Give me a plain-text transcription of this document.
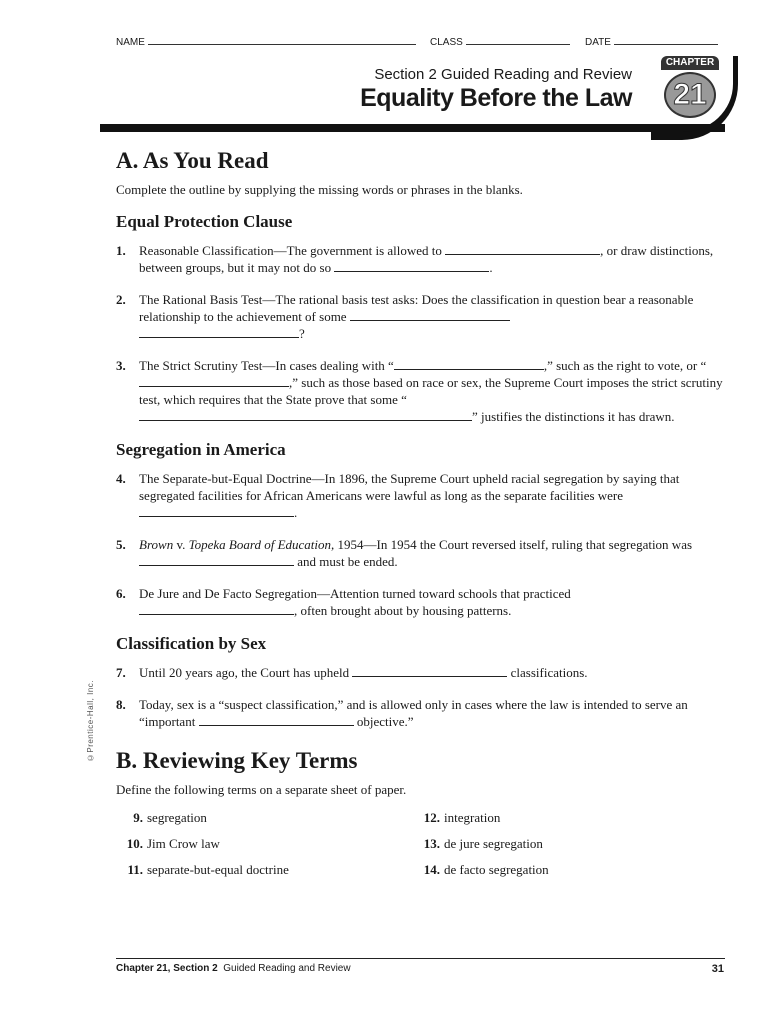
NAME	CLASS	DATE
Section 2 Guided Reading and Review
Equality Before the Law
CHAPTER
21
©Prentice-Hall, Inc.
A. As You Read

Complete the outline by supplying the missing words or phrases in the blanks.

Equal Protection Clause
1. Reasonable Classification—The government is allowed to	, or draw distinctions, between groups, but it may not do so	.
2. The Rational Basis Test—The rational basis test asks: Does the classification in question bear a reasonable relationship to the achievement of some
?
3. The Strict Scrutiny Test—In cases dealing with “	,” such as the right to vote, or “,” such as those based on race or sex, the Supreme Court imposes the strict scrutiny test, which requires that the State prove that some “” justifies the distinctions it has drawn.
Segregation in America
4. The Separate-but-Equal Doctrine—In 1896, the Supreme Court upheld racial segregation by saying that segregated facilities for African Americans were lawful as long as the separate facilities were .
5. Brown v. Topeka Board of Education, 1954—In 1954 the Court reversed itself, ruling that segregation was  and must be ended.
6. De Jure and De Facto Segregation—Attention turned toward schools that practiced , often brought about by housing patterns.
Classification by Sex
7. Until 20 years ago, the Court has upheld	classifications.
8. Today, sex is a “suspect classification,” and is allowed only in cases where the law is intended to serve an “important	objective.”
B. Reviewing Key Terms

Define the following terms on a separate sheet of paper.

9. segregation	12. integration
10. Jim Crow law	13. de jure segregation
11. separate-but-equal doctrine	14. de facto segregation
Chapter 21, Section 2 Guided Reading and Review	31
